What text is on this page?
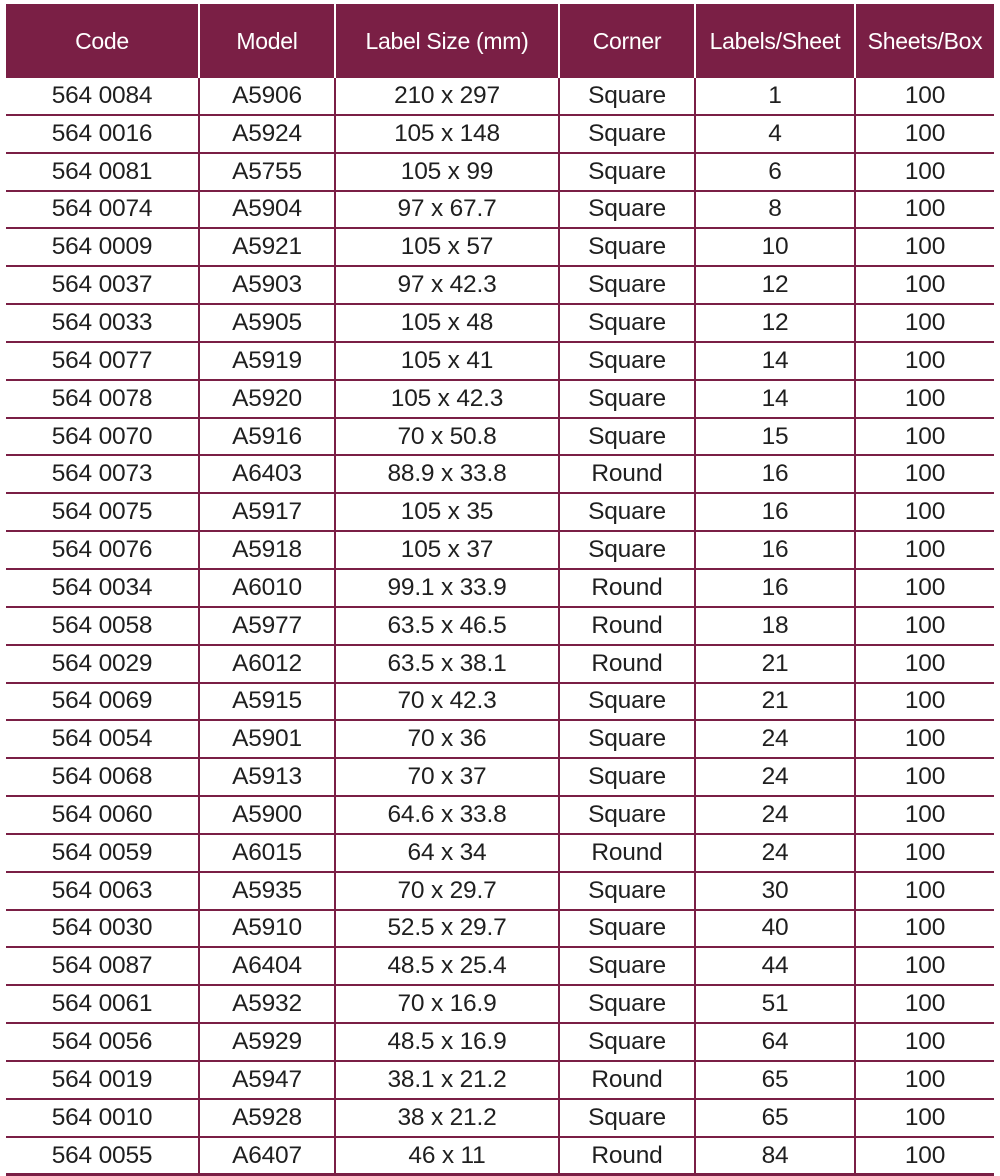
Code	Model	Label Size (mm)	Corner	Labels/Sheet	Sheets/Box
564 0084	A5906	210 x 297	Square	1	100
564 0016	A5924	105 x 148	Square	4	100
564 0081	A5755	105 x 99	Square	6	100
564 0074	A5904	97 x 67.7	Square	8	100
564 0009	A5921	105 x 57	Square	10	100
564 0037	A5903	97 x 42.3	Square	12	100
564 0033	A5905	105 x 48	Square	12	100
564 0077	A5919	105 x 41	Square	14	100
564 0078	A5920	105 x 42.3	Square	14	100
564 0070	A5916	70 x 50.8	Square	15	100
564 0073	A6403	88.9 x 33.8	Round	16	100
564 0075	A5917	105 x 35	Square	16	100
564 0076	A5918	105 x 37	Square	16	100
564 0034	A6010	99.1 x 33.9	Round	16	100
564 0058	A5977	63.5 x 46.5	Round	18	100
564 0029	A6012	63.5 x 38.1	Round	21	100
564 0069	A5915	70 x 42.3	Square	21	100
564 0054	A5901	70 x 36	Square	24	100
564 0068	A5913	70 x 37	Square	24	100
564 0060	A5900	64.6 x 33.8	Square	24	100
564 0059	A6015	64 x 34	Round	24	100
564 0063	A5935	70 x 29.7	Square	30	100
564 0030	A5910	52.5 x 29.7	Square	40	100
564 0087	A6404	48.5 x 25.4	Square	44	100
564 0061	A5932	70 x 16.9	Square	51	100
564 0056	A5929	48.5 x 16.9	Square	64	100
564 0019	A5947	38.1 x 21.2	Round	65	100
564 0010	A5928	38 x 21.2	Square	65	100
564 0055	A6407	46 x 11	Round	84	100
